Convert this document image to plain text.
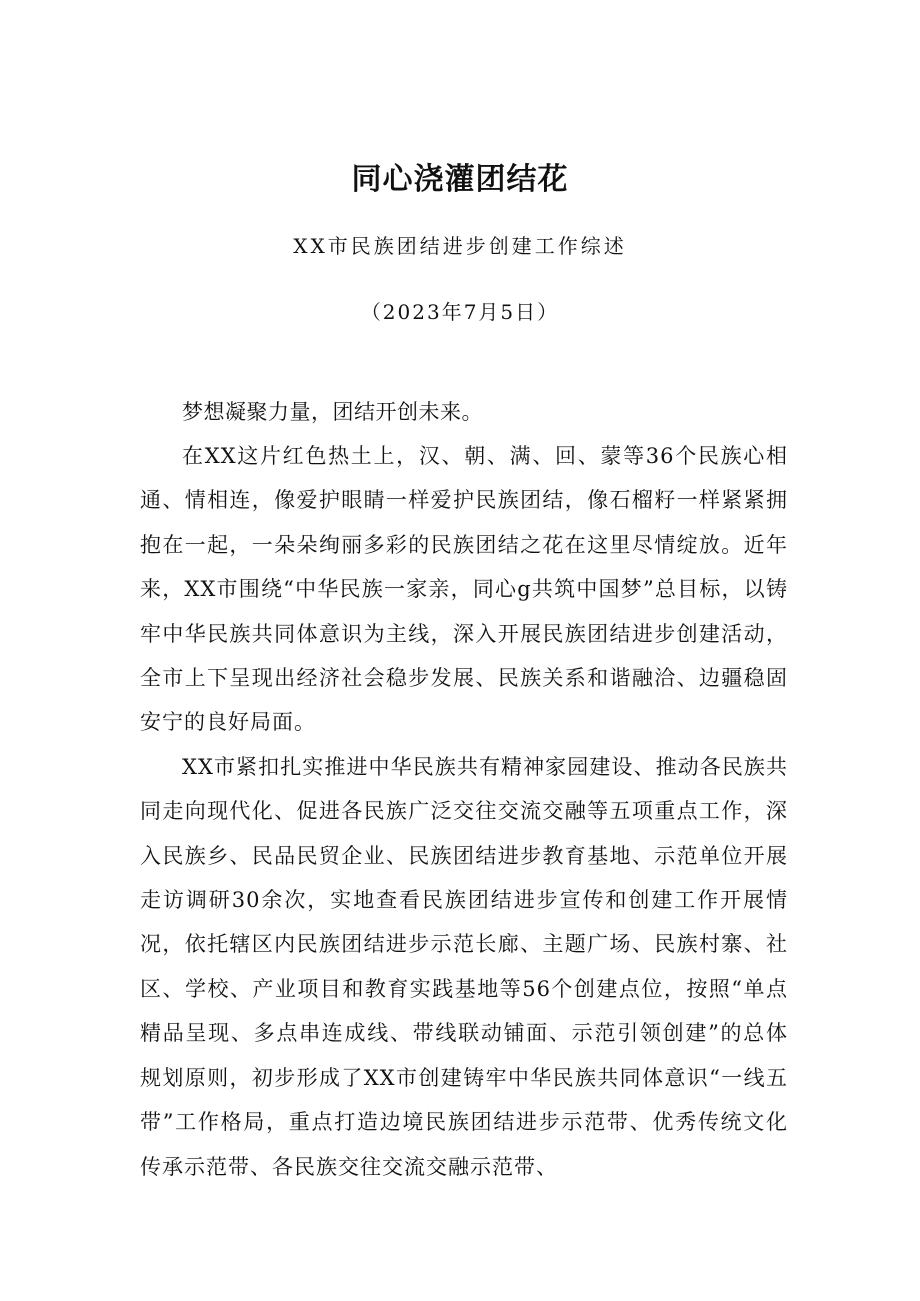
同心浇灌团结花

XX市民族团结进步创建工作综述

（2023年7月5日）

梦想凝聚力量，团结开创未来。

在XX这片红色热土上，汉、朝、满、回、蒙等36个民族心相通、情相连，像爱护眼睛一样爱护民族团结，像石榴籽一样紧紧拥抱在一起，一朵朵绚丽多彩的民族团结之花在这里尽情绽放。近年来，XX市围绕“中华民族一家亲，同心g共筑中国梦”总目标，以铸牢中华民族共同体意识为主线，深入开展民族团结进步创建活动，全市上下呈现出经济社会稳步发展、民族关系和谐融洽、边疆稳固安宁的良好局面。

XX市紧扣扎实推进中华民族共有精神家园建设、推动各民族共同走向现代化、促进各民族广泛交往交流交融等五项重点工作，深入民族乡、民品民贸企业、民族团结进步教育基地、示范单位开展走访调研30余次，实地查看民族团结进步宣传和创建工作开展情况，依托辖区内民族团结进步示范长廊、主题广场、民族村寨、社区、学校、产业项目和教育实践基地等56个创建点位，按照“单点精品呈现、多点串连成线、带线联动铺面、示范引领创建”的总体规划原则，初步形成了XX市创建铸牢中华民族共同体意识“一线五带”工作格局，重点打造边境民族团结进步示范带、优秀传统文化传承示范带、各民族交往交流交融示范带、
